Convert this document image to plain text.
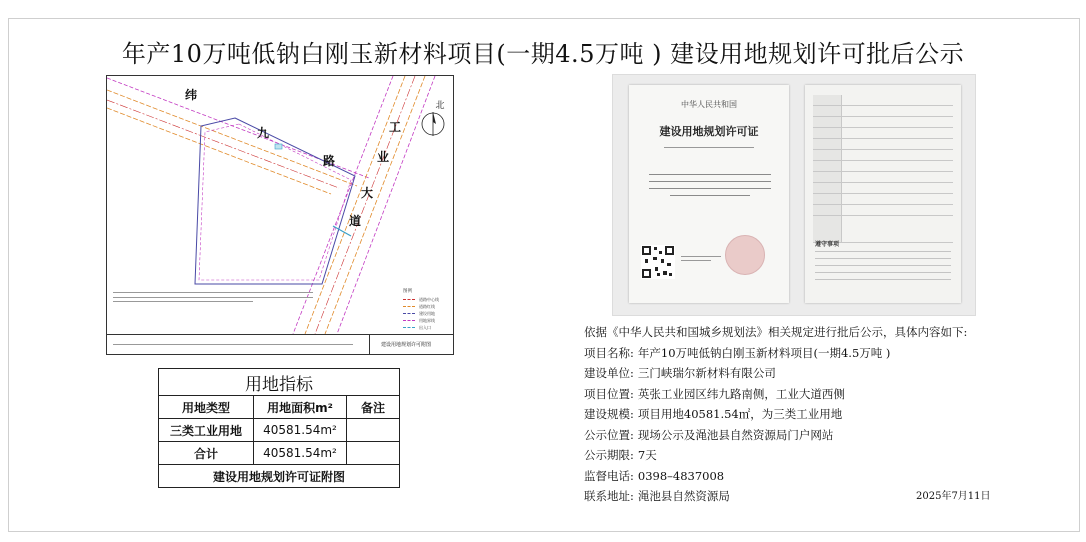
年产10万吨低钠白刚玉新材料项目(一期4.5万吨 ) 建设用地规划许可批后公示
纬
九
路
工
业
大
道
北
图例
道路中心线
道路红线
建设用地
用地界线
出入口
建设用地规划许可附图
用地指标		
用地类型	用地面积m²	备注
三类工业用地	40581.54m²	
合计	40581.54m²	
建设用地规划许可证附图		
中华人民共和国
建设用地规划许可证
遵守事项
依据《中华人民共和国城乡规划法》相关规定进行批后公示，具体内容如下:
项目名称: 年产10万吨低钠白刚玉新材料项目(一期4.5万吨 )
建设单位: 三门峡瑞尔新材料有限公司
项目位置: 英张工业园区纬九路南侧，工业大道西侧
建设规模: 项目用地40581.54㎡，为三类工业用地
公示位置: 现场公示及渑池县自然资源局门户网站
公示期限: 7天
监督电话: 0398–4837008
联系地址: 渑池县自然资源局	2025年7月11日
